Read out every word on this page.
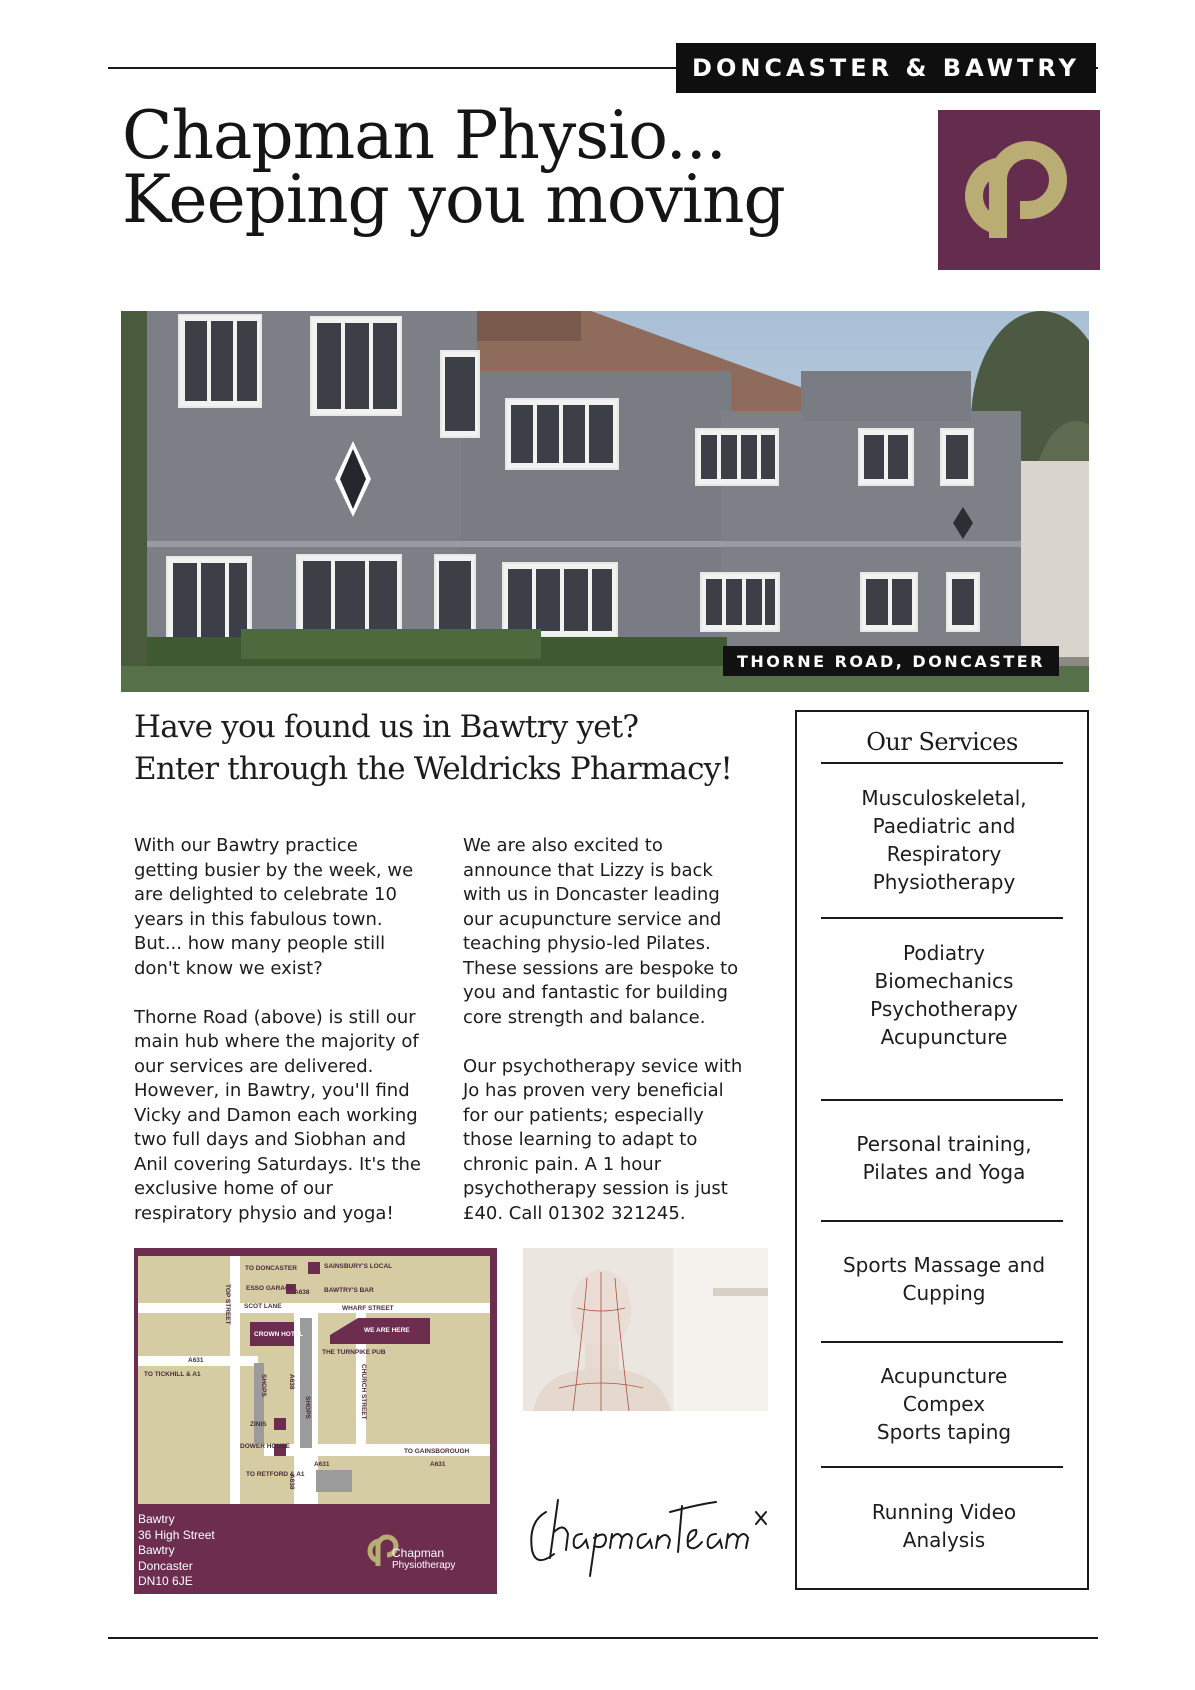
DONCASTER & BAWTRY
Chapman Physio...
Keeping you moving
THORNE ROAD, DONCASTER
Have you found us in Bawtry yet?
Enter through the Weldricks Pharmacy!

With our Bawtry practice
getting busier by the week, we
are delighted to celebrate 10
years in this fabulous town.
But... how many people still
don't know we exist?

Thorne Road (above) is still our
main hub where the majority of
our services are delivered.
However, in Bawtry, you'll find
Vicky and Damon each working
two full days and Siobhan and
Anil covering Saturdays. It's the
exclusive home of our
respiratory physio and yoga!

We are also excited to
announce that Lizzy is back
with us in Doncaster leading
our acupuncture service and
teaching physio-led Pilates.
These sessions are bespoke to
you and fantastic for building
core strength and balance.

Our psychotherapy sevice with
Jo has proven very beneficial
for our patients; especially
those learning to adapt to
chronic pain. A 1 hour
psychotherapy session is just
£40. Call 01302 321245.

Our Services
Musculoskeletal,
Paediatric and
Respiratory
Physiotherapy
Podiatry
Biomechanics
Psychotherapy
Acupuncture
Personal training,
Pilates and Yoga
Sports Massage and
Cupping
Acupuncture
Compex
Sports taping
Running Video
Analysis
TO DONCASTER	SAINSBURY'S LOCAL
ESSO GARAGE
A638 BAWTRY'S BAR
TOP STREET SCOT LANE	WHARF STREET
CROWN HOTEL
WE ARE HERE
THE TURNPIKE PUB
A631
TO TICKHILL & A1	SHOPS	A638
SHOPS	CHURCH STREET
ZINIS
DOWER HOUSE
TO GAINSBOROUGH
A631	A631
TO RETFORD & A1
A638
Chapman
Physiotherapy
Bawtry
36 High Street
Bawtry
Doncaster
DN10 6JE
